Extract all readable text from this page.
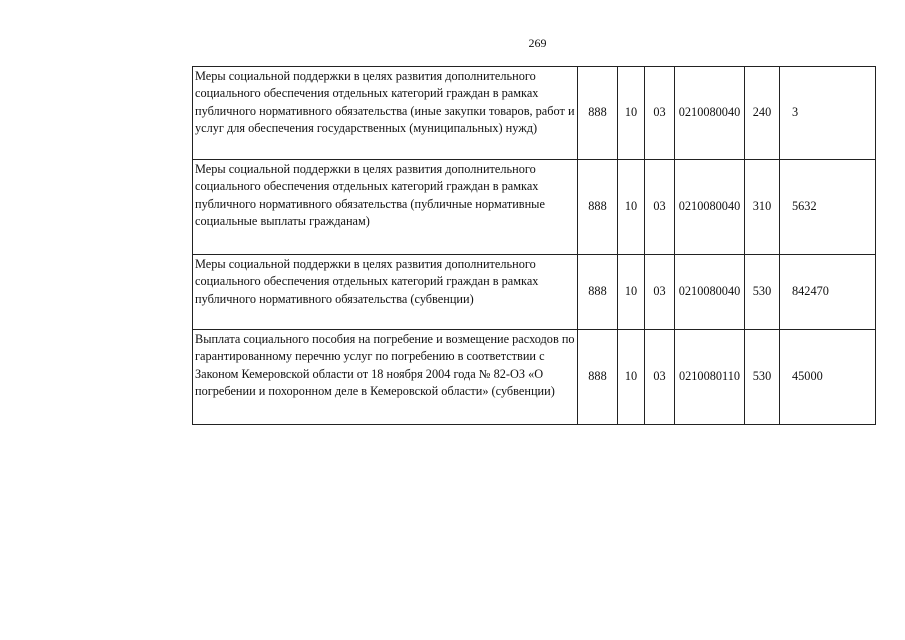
269
Меры социальной поддержки в целях развития дополнительного социального обеспечения отдельных категорий граждан в рамках публичного нормативного обязательства (иные закупки товаров, работ и услуг для обеспечения государственных (муниципальных) нужд)	888	10	03	0210080040	240	3
Меры социальной поддержки в целях развития дополнительного социального обеспечения отдельных категорий граждан в рамках публичного нормативного обязательства (публичные нормативные социальные выплаты гражданам)	888	10	03	0210080040	310	5632
Меры социальной поддержки в целях развития дополнительного социального обеспечения отдельных категорий граждан в рамках публичного нормативного обязательства (субвенции)	888	10	03	0210080040	530	842470
Выплата социального пособия на погребение и возмещение расходов по гарантированному перечню услуг по погребению в соответствии с Законом Кемеровской области от 18 ноября 2004 года № 82-ОЗ «О погребении и похоронном деле в Кемеровской области» (субвенции)	888	10	03	0210080110	530	45000
